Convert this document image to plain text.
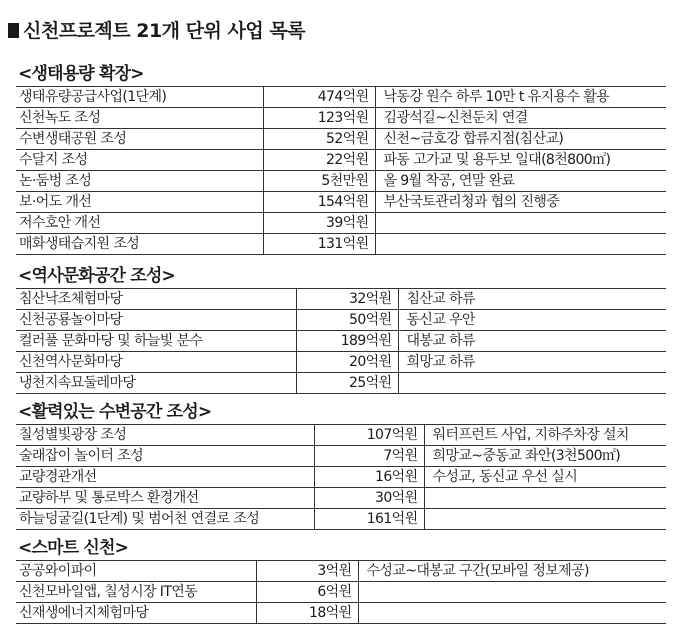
신천프로젝트 21개 단위 사업 목록
<생태용량 확장>
생태유량공급사업(1단계)	474억원	낙동강 원수 하루 10만 t 유지용수 활용
신천녹도 조성	123억원	김광석길~신천둔치 연결
수변생태공원 조성	52억원	신천~금호강 합류지점(침산교)
수달지 조성	22억원	파동 고가교 및 용두보 일대(8천800㎡)
논·둠벙 조성	5천만원	올 9월 착공, 연말 완료
보·어도 개선	154억원	부산국토관리청과 협의 진행중
저수호안 개선	39억원	
매화생태습지원 조성	131억원	
<역사문화공간 조성>
침산낙조체험마당	32억원	침산교 하류
신천공룡놀이마당	50억원	동신교 우안
컬러풀 문화마당 및 하늘빛 분수	189억원	대봉교 하류
신천역사문화마당	20억원	희망교 하류
냉천지속묘둘레마당	25억원	
<활력있는 수변공간 조성>
칠성별빛광장 조성	107억원	워터프런트 사업, 지하주차장 설치
술래잡이 놀이터 조성	7억원	희망교~중동교 좌안(3천500㎡)
교량경관개선	16억원	수성교, 동신교 우선 실시
교량하부 및 통로박스 환경개선	30억원	
하늘덩굴길(1단계) 및 범어천 연결로 조성	161억원	
<스마트 신천>
공공와이파이	3억원	수성교~대봉교 구간(모바일 정보제공)
신천모바일앱, 칠성시장 IT연동	6억원	
신재생에너지체험마당	18억원	
